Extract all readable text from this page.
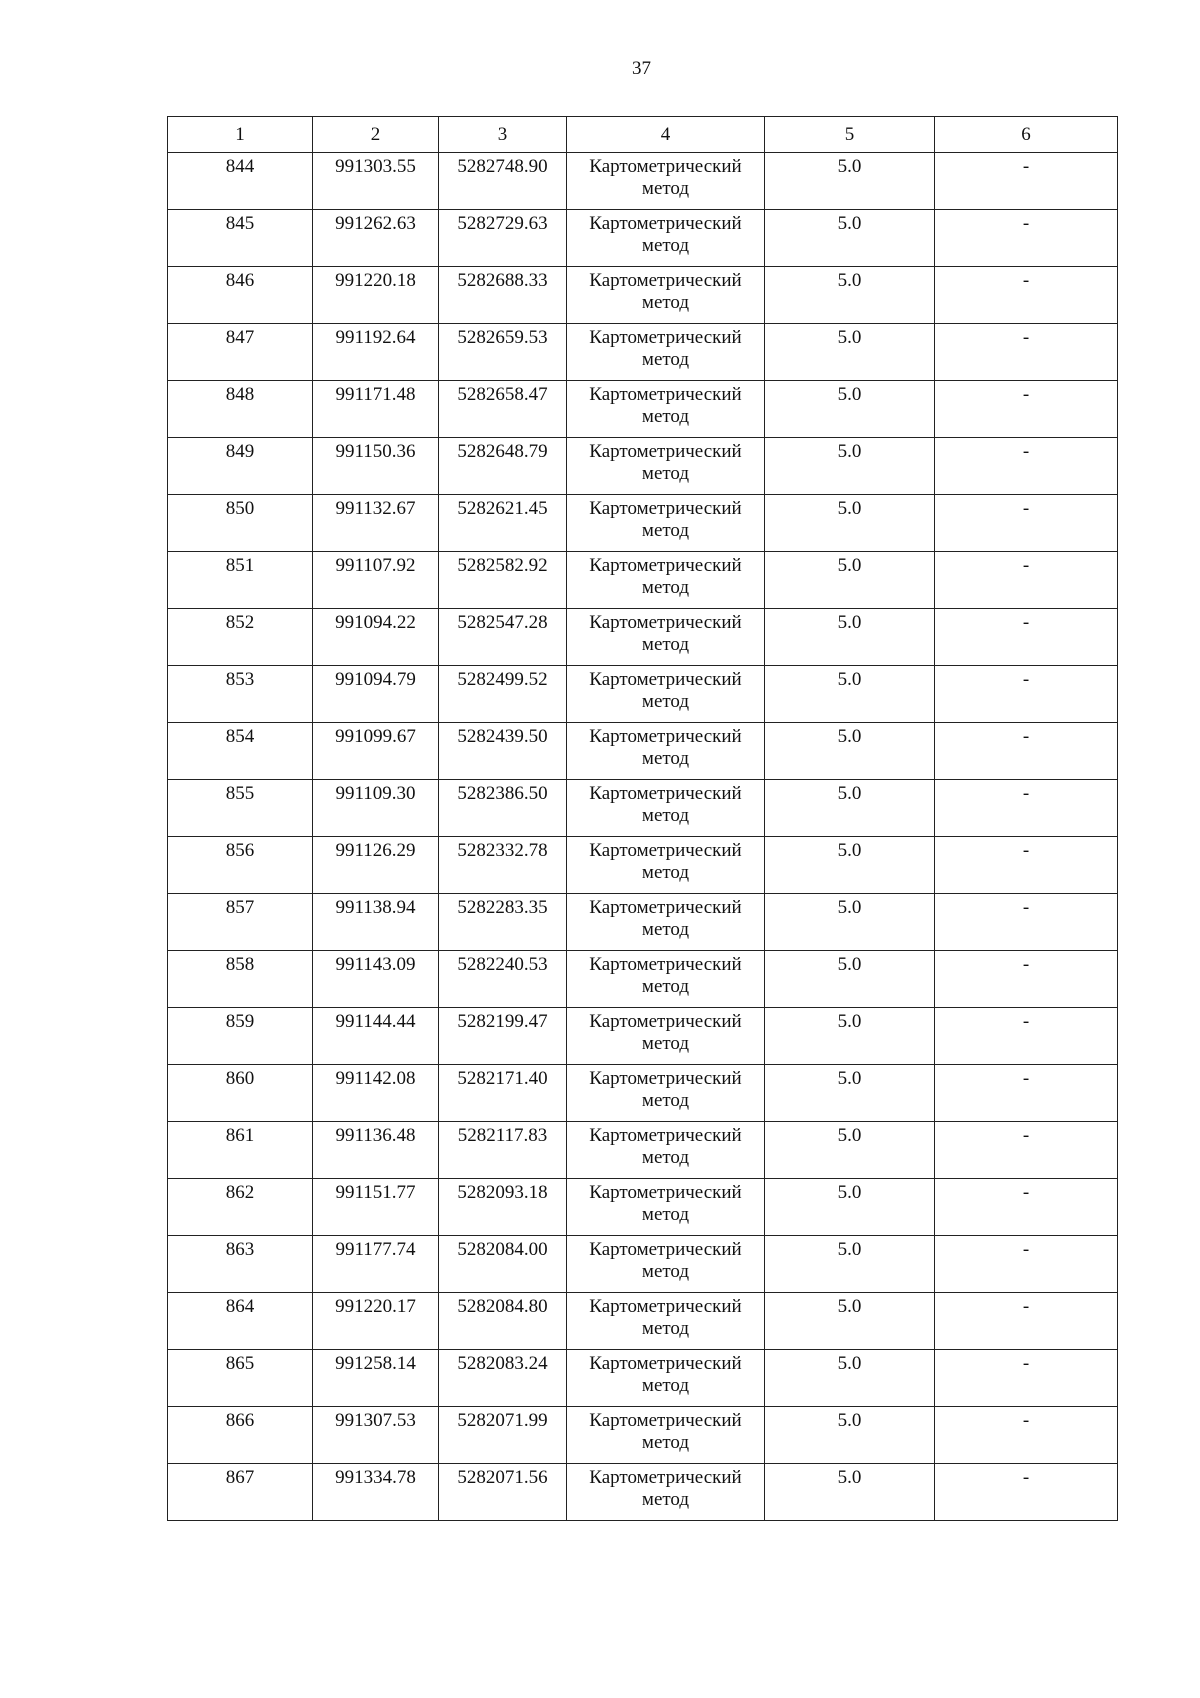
37
1	2	3	4	5	6
844	991303.55	5282748.90	Картометрический метод	5.0	-
845	991262.63	5282729.63	Картометрический метод	5.0	-
846	991220.18	5282688.33	Картометрический метод	5.0	-
847	991192.64	5282659.53	Картометрический метод	5.0	-
848	991171.48	5282658.47	Картометрический метод	5.0	-
849	991150.36	5282648.79	Картометрический метод	5.0	-
850	991132.67	5282621.45	Картометрический метод	5.0	-
851	991107.92	5282582.92	Картометрический метод	5.0	-
852	991094.22	5282547.28	Картометрический метод	5.0	-
853	991094.79	5282499.52	Картометрический метод	5.0	-
854	991099.67	5282439.50	Картометрический метод	5.0	-
855	991109.30	5282386.50	Картометрический метод	5.0	-
856	991126.29	5282332.78	Картометрический метод	5.0	-
857	991138.94	5282283.35	Картометрический метод	5.0	-
858	991143.09	5282240.53	Картометрический метод	5.0	-
859	991144.44	5282199.47	Картометрический метод	5.0	-
860	991142.08	5282171.40	Картометрический метод	5.0	-
861	991136.48	5282117.83	Картометрический метод	5.0	-
862	991151.77	5282093.18	Картометрический метод	5.0	-
863	991177.74	5282084.00	Картометрический метод	5.0	-
864	991220.17	5282084.80	Картометрический метод	5.0	-
865	991258.14	5282083.24	Картометрический метод	5.0	-
866	991307.53	5282071.99	Картометрический метод	5.0	-
867	991334.78	5282071.56	Картометрический метод	5.0	-
